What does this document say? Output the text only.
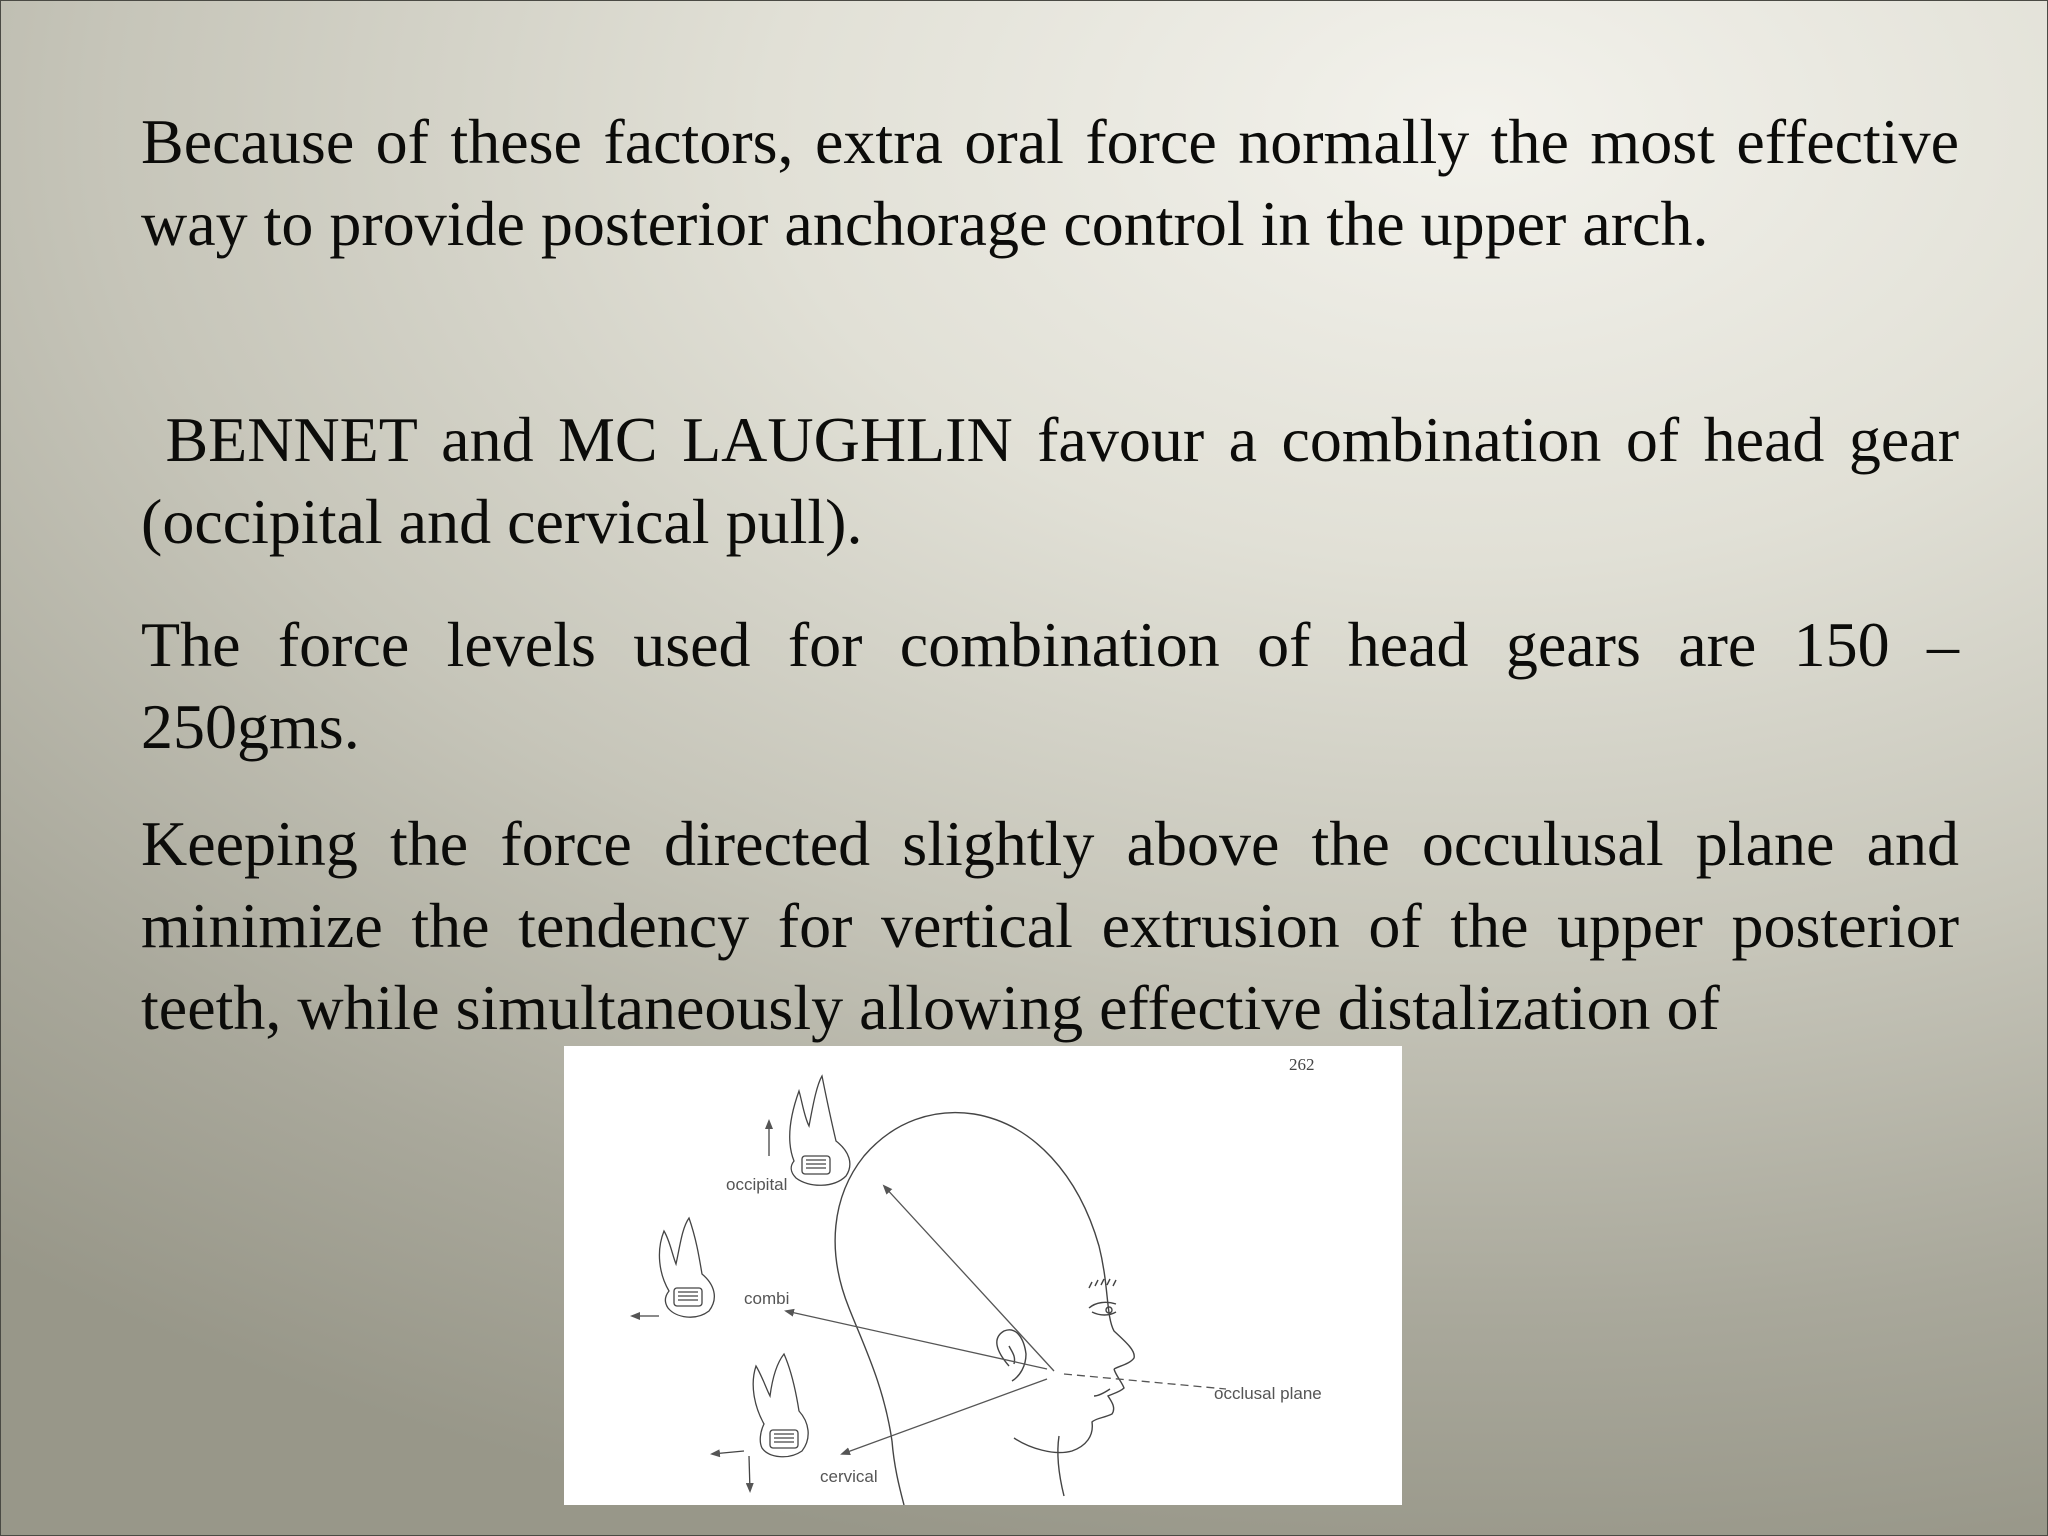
Because of these factors, extra oral force normally the most effective way to provide posterior anchorage control in the upper arch.

BENNET and MC LAUGHLIN favour a combination of head gear (occipital and cervical pull).

The force levels used for combination of head gears are 150 – 250gms.

Keeping the force directed slightly above the occulusal plane and minimize the tendency for vertical extrusion of the upper posterior teeth, while simultaneously allowing effective distalization of

262
occipital
combi
cervical
occlusal plane
